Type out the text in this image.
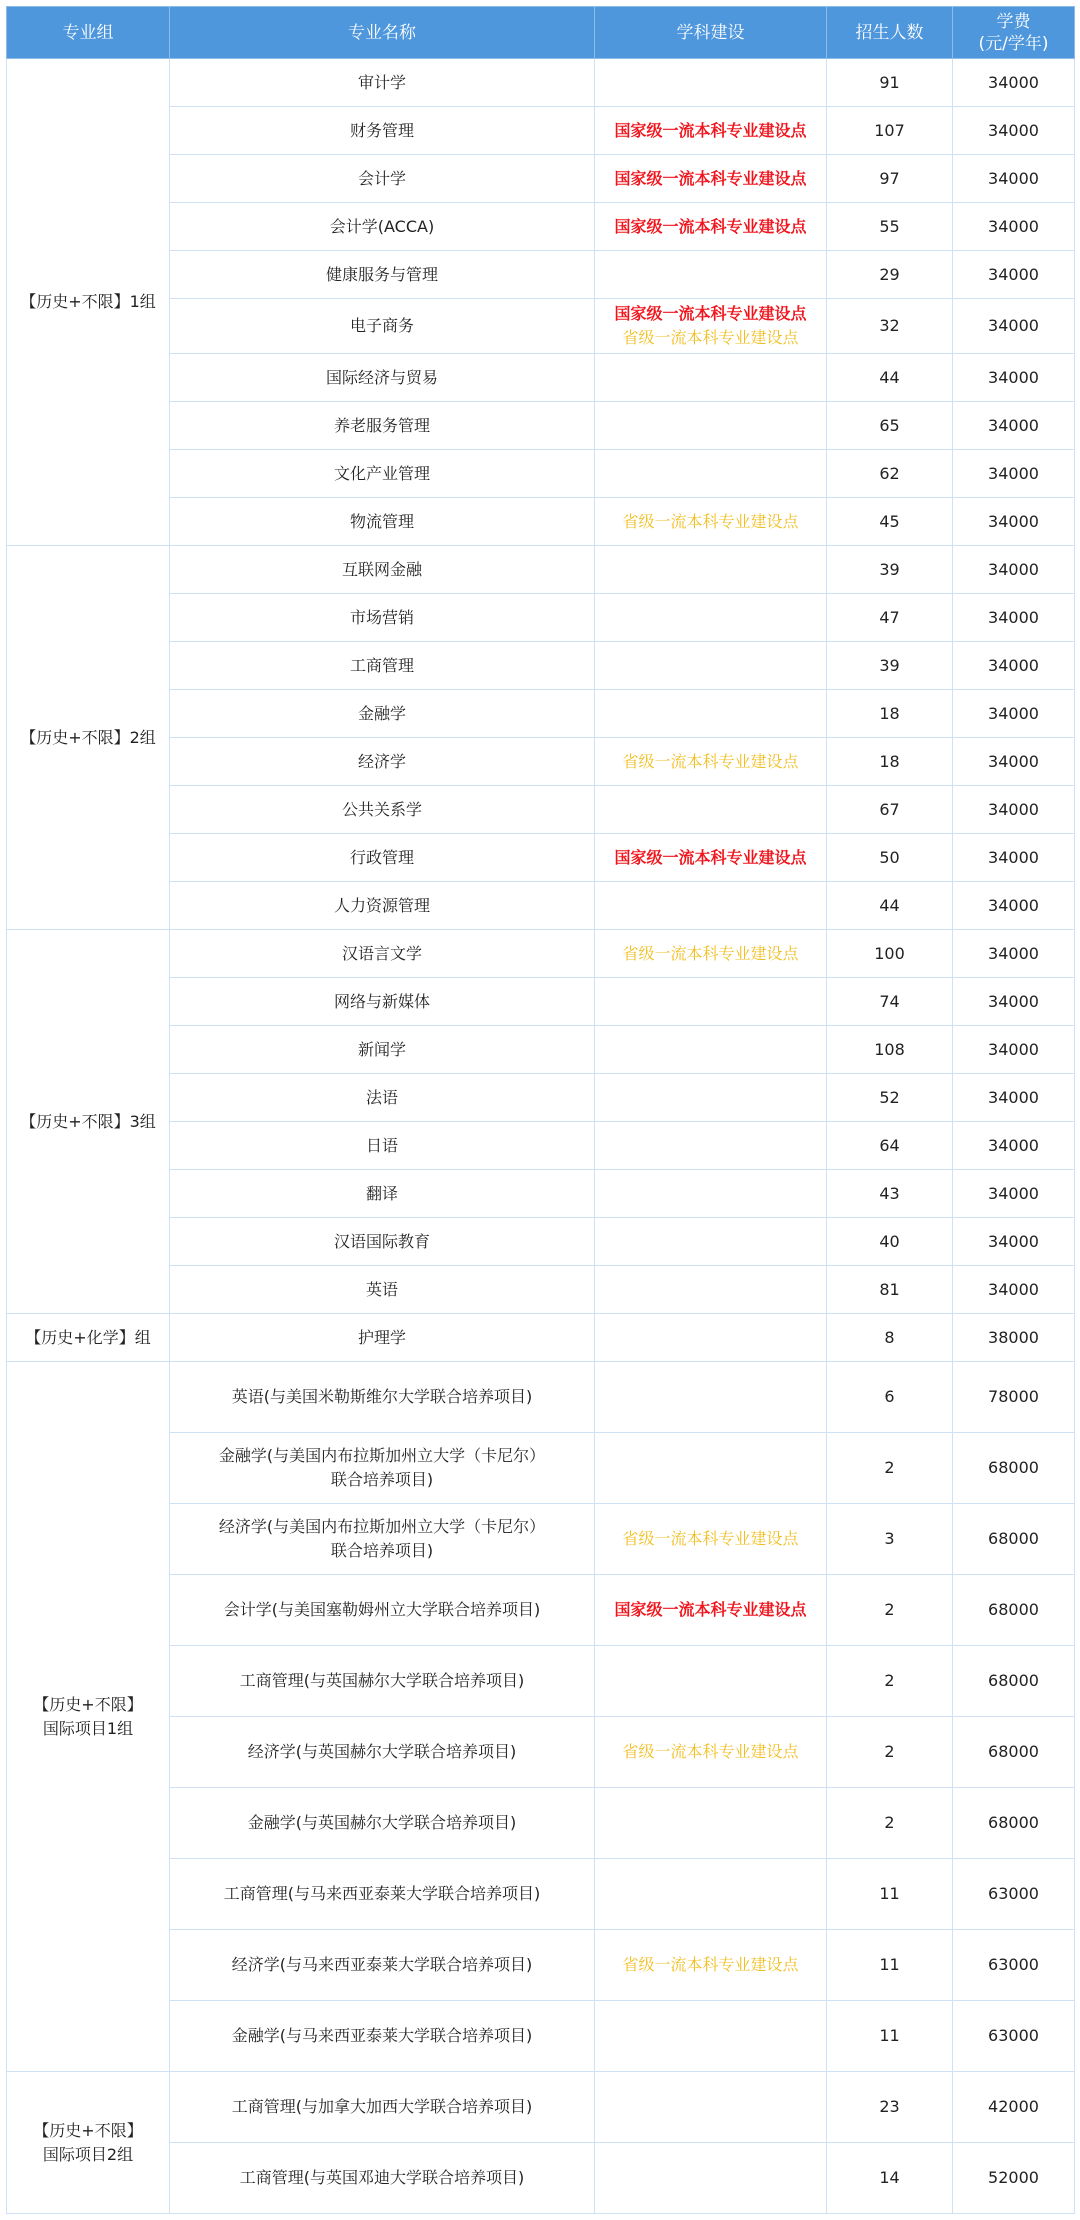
专业组	专业名称	学科建设	招生人数	学费
(元/学年)

【历史+不限】1组	审计学		91	34000

	财务管理	国家级一流本科专业建设点	107	34000

	会计学	国家级一流本科专业建设点	97	34000

	会计学(ACCA)	国家级一流本科专业建设点	55	34000

	健康服务与管理		29	34000

	电子商务	国家级一流本科专业建设点
省级一流本科专业建设点	32	34000

	国际经济与贸易		44	34000

	养老服务管理		65	34000

	文化产业管理		62	34000

	物流管理	省级一流本科专业建设点	45	34000

【历史+不限】2组	互联网金融		39	34000

	市场营销		47	34000

	工商管理		39	34000

	金融学		18	34000

	经济学	省级一流本科专业建设点	18	34000

	公共关系学		67	34000

	行政管理	国家级一流本科专业建设点	50	34000

	人力资源管理		44	34000

【历史+不限】3组	汉语言文学	省级一流本科专业建设点	100	34000

	网络与新媒体		74	34000

	新闻学		108	34000

	法语		52	34000

	日语		64	34000

	翻译		43	34000

	汉语国际教育		40	34000

	英语		81	34000

【历史+化学】组	护理学		8	38000

【历史+不限】
国际项目1组	英语(与美国米勒斯维尔大学联合培养项目)		6	78000

	金融学(与美国内布拉斯加州立大学（卡尼尔）
联合培养项目)		2	68000

	经济学(与美国内布拉斯加州立大学（卡尼尔）
联合培养项目)	省级一流本科专业建设点	3	68000

	会计学(与美国塞勒姆州立大学联合培养项目)	国家级一流本科专业建设点	2	68000

	工商管理(与英国赫尔大学联合培养项目)		2	68000

	经济学(与英国赫尔大学联合培养项目)	省级一流本科专业建设点	2	68000

	金融学(与英国赫尔大学联合培养项目)		2	68000

	工商管理(与马来西亚泰莱大学联合培养项目)		11	63000

	经济学(与马来西亚泰莱大学联合培养项目)	省级一流本科专业建设点	11	63000

	金融学(与马来西亚泰莱大学联合培养项目)		11	63000

【历史+不限】
国际项目2组	工商管理(与加拿大加西大学联合培养项目)		23	42000

	工商管理(与英国邓迪大学联合培养项目)		14	52000
